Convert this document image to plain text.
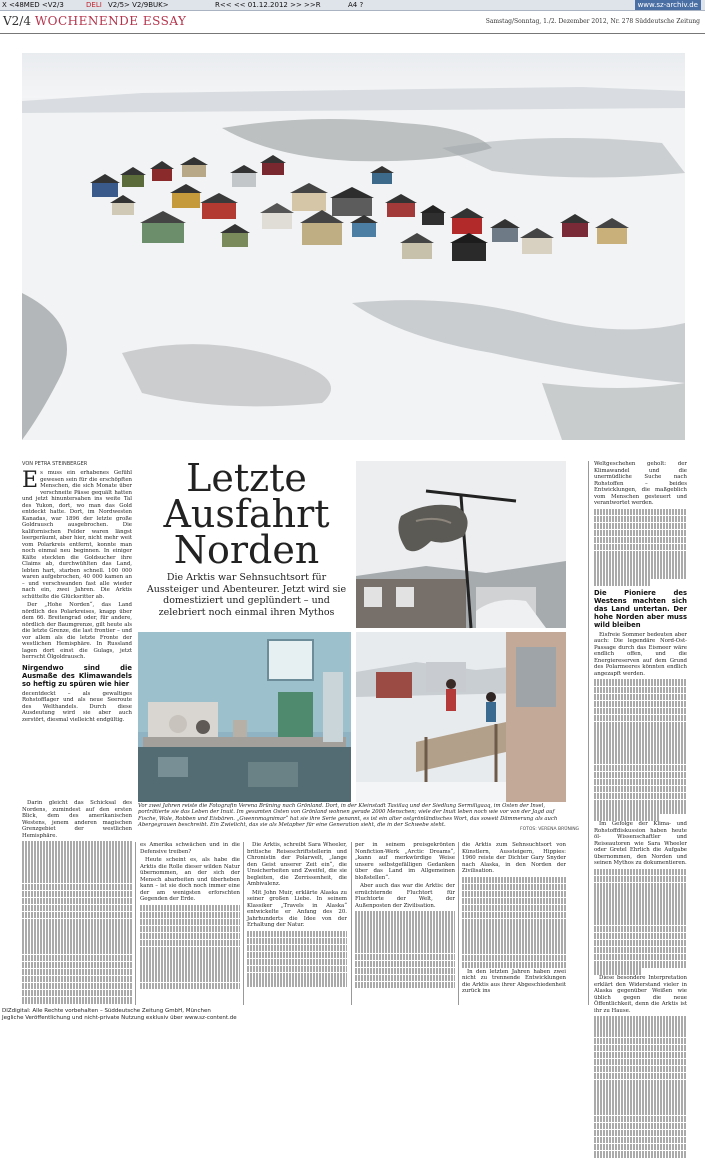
X <48MED <V2/3	DELI V2/5> V2/9BUK>	R<< << 01.12.2012 >> >>R	A4 ?	www.sz-archiv.de
V2/4 WOCHENENDE ESSAY	Samstag/Sonntag, 1./2. Dezember 2012, Nr. 278 Süddeutsche Zeitung
VON PETRA STEINBERGER

Es muss ein erhabenes Gefühl gewesen sein für die erschöpften Menschen, die sich Monate über verschneite Pässe gequält hatten und jetzt hinuntersahen ins weite Tal des Yukon, dort, wo man das Gold entdeckt hatte. Dort, im Nordwesten Kanadas, war 1896 der letzte große Goldrausch ausgebrochen. Die kalifornischen Felder waren längst leergeräumt, aber hier, nicht mehr weit vom Polarkreis entfernt, konnte man noch einmal neu beginnen. In einiger Kälte steckten die Goldsucher ihre Claims ab, durchwühlten das Land, lebten hart, starben schnell. 100 000 waren aufgebrochen, 40 000 kamen an – und verschwanden fast alle wieder nach ein, zwei Jahren. Die Arktis schüttelte die Glücksritter ab.

Der „Hohe Norden“, das Land nördlich des Polarkreises, knapp über dem 66. Breitengrad oder, für andere, nördlich der Baumgrenze, gilt heute als die letzte Grenze, die last frontier – und vor allem als die letzte Fronte der westlichen Hemisphäre. In Russland lagen dort einst die Gulags, jetzt herrscht Ölgoldrausch.

Nirgendwo sind die Ausmaße des Klimawandels so heftig zu spüren wie hier

decentdeckt – als gewaltiges Rohstofflager und als neue Seeroute des Welthandels. Durch diese Ausdeutung wird sie aber auch zerstört, diesmal vielleicht endgültig.

Letzte
Ausfahrt
Norden
Die Arktis war Sehnsuchtsort für Aussteiger und Abenteurer. Jetzt wird sie domestiziert und geplündert – und zelebriert noch einmal ihren Mythos
Vor zwei Jahren reiste die Fotografin Verena Brüning nach Grönland. Dort, in der Kleinstadt Tasiilaq und der Siedlung Sermiligaaq, im Osten der Insel, porträtierte sie das Leben der Inuit. Im gesamten Osten von Grönland wohnen gerade 2000 Menschen; viele der Inuit leben noch wie vor von der Jagd auf Fische, Wale, Robben und Eisbären. „Gwennmagnimar“ hat sie ihre Serie genannt, es ist ein alter ostgrönländisches Wort, das soweit Dämmerung als auch Abergegrauen beschreibt. Ein Zwielicht, das sie als Metapher für eine Generation sieht, die in der Schwebe steht.
FOTOS: VERENA BRÜNING

Weltgeschehen geholt: der Klimawandel und die unermüdliche Suche nach Rohstoffen – beides Entwicklungen, die maßgeblich vom Menschen gesteuert und verantwortet werden.

Die Pioniere des Westens machten sich das Land untertan. Der hohe Norden aber muss wild bleiben

Eisfreie Sommer bedeuten aber auch: Die legendäre Nord-Ost-Passage durch das Eismeer wäre endlich offen, und die Energiereserven auf dem Grund des Polarmeeres könnten endlich angezapft werden.

Im Gefolge der Klima- und Rohstoffdiskussion haben heute öl- Wissenschaftler und Reiseautoren wie Sara Wheeler oder Gretel Ehrlich die Aufgabe übernommen, den Norden und seinen Mythos zu dokumentieren.

Diese besondere Interpretation erklärt den Widerstand vieler in Alaska gegenüber Weißen wie üblich gegen die neue Öffentlichkeit, denn die Arktis ist ihr zu Hause.

Darin gleicht das Schicksal des Nordens, zumindest auf den ersten Blick, dem des amerikanischen Westens, jenem anderen magischen Grenzgebiet der westlichen Hemisphäre.

es Amerika schwächen und in die Defensive treiben?

Heute scheint es, als habe die Arktis die Rolle dieser wilden Natur übernommen, an der sich der Mensch abarbeiten und überheben kann – ist sie doch noch immer eine der am wenigsten erforschten Gegenden der Erde.

Die Arktis, schreibt Sara Wheeler, britische Reiseschriftstellerin und Chronistin der Polarwelt, „lange den Geist unserer Zeit ein“, die Unsicherheiten und Zweifel, die sie begleiten, die Zerrissenheit, die Ambivalenz.

Mit John Muir, erklärte Alaska zu seiner großen Liebe. In seinem Klassiker „Travels in Alaska“ entwickelte er Anfang des 20. Jahrhunderts die Idee von der Erhaltung der Natur.

per in seinem preisgekrönten Nonfiction-Werk „Arctic Dreams“, „kann auf merkwürdige Weise unsere selbstgefälligen Gedanken über das Land im Allgemeinen bloßstellen“.

Aber auch das war die Arktis: der ernüchternde Fluchtort für Fluchtorte der Welt, der Außenposten der Zivilisation.

die Arktis zum Sehnsuchtsort von Künstlern, Aussteigern, Hippies: 1960 reiste der Dichter Gary Snyder nach Alaska, in den Norden der Zivilisation.

In den letzten Jahren haben zwei nicht zu trennende Entwicklungen die Arktis aus ihrer Abgeschiedenheit zurück ins

DIZdigital: Alle Rechte vorbehalten – Süddeutsche Zeitung GmbH, München
Jegliche Veröffentlichung und nicht-private Nutzung exklusiv über www.sz-content.de
